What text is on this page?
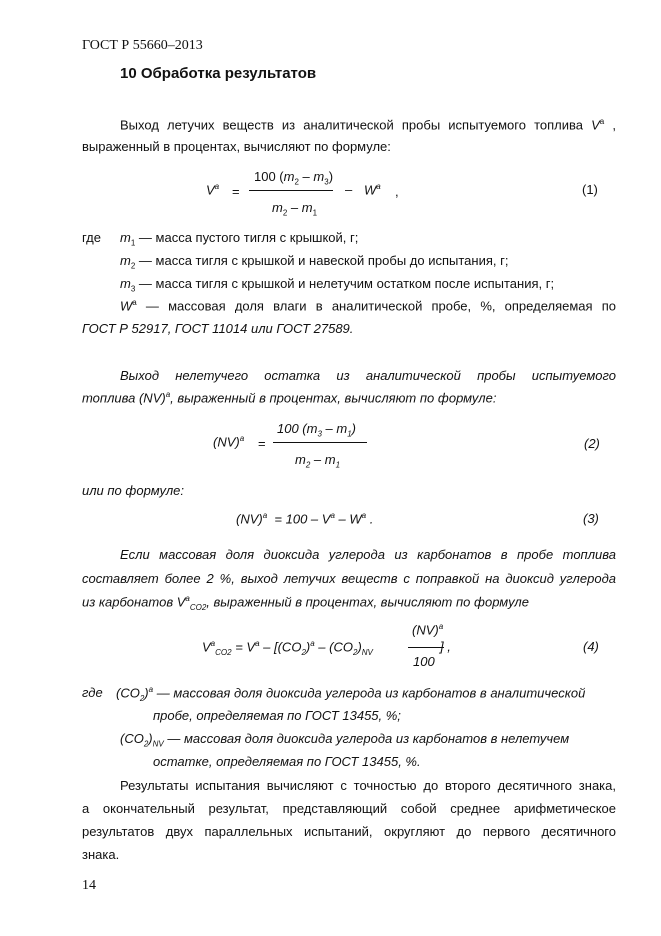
ГОСТ Р 55660–2013
10 Обработка результатов
Выход летучих веществ из аналитической пробы испытуемого топлива $V^a$ ,
выраженный в процентах, вычисляют по формуле:
100 $(m_2 - m_3)$
$V^a$ =	– $W^a$ ,
$m_2 - m_1$
(1)
где $m_1$ — масса пустого тигля с крышкой, г;
$m_2$ — масса тигля с крышкой и навеской пробы до испытания, г;
$m_3$ — масса тигля с крышкой и нелетучим остатком после испытания, г;
$W^a$ — массовая доля влаги в аналитической пробе, %, определяемая по
ГОСТ Р 52917, ГОСТ 11014 или ГОСТ 27589.
Выход нелетучего остатка из аналитической пробы испытуемого
топлива (NV)$^a$, выраженный в процентах, вычисляют по формуле:
100 $(m_3 - m_1)$
(NV)$^a$ =
$m_2 - m_1$
(2)
или по формуле:
$(NV)^a = 100 - V^a - W^a$ .	(3)
Если массовая доля диоксида углерода из карбонатов в пробе топлива
составляет более 2 %, выход летучих веществ с поправкой на диоксид углерода
из карбонатов $V^a_{CO2}$, выраженный в процентах, вычисляют по формуле
(NV)$^a$
$V^a_{CO2} = V^a - [(CO_2)^a - (CO_2)_{NV}$
100
] ,	(4)
где $(CO_2)^a$ — массовая доля диоксида углерода из карбонатов в аналитической
пробе, определяемая по ГОСТ 13455, %;
$(CO_2)_{NV}$ — массовая доля диоксида углерода из карбонатов в нелетучем
остатке, определяемая по ГОСТ 13455, %.
Результаты испытания вычисляют с точностью до второго десятичного знака,
а окончательный результат, представляющий собой среднее арифметическое
результатов двух параллельных испытаний, округляют до первого десятичного
знака.
14
